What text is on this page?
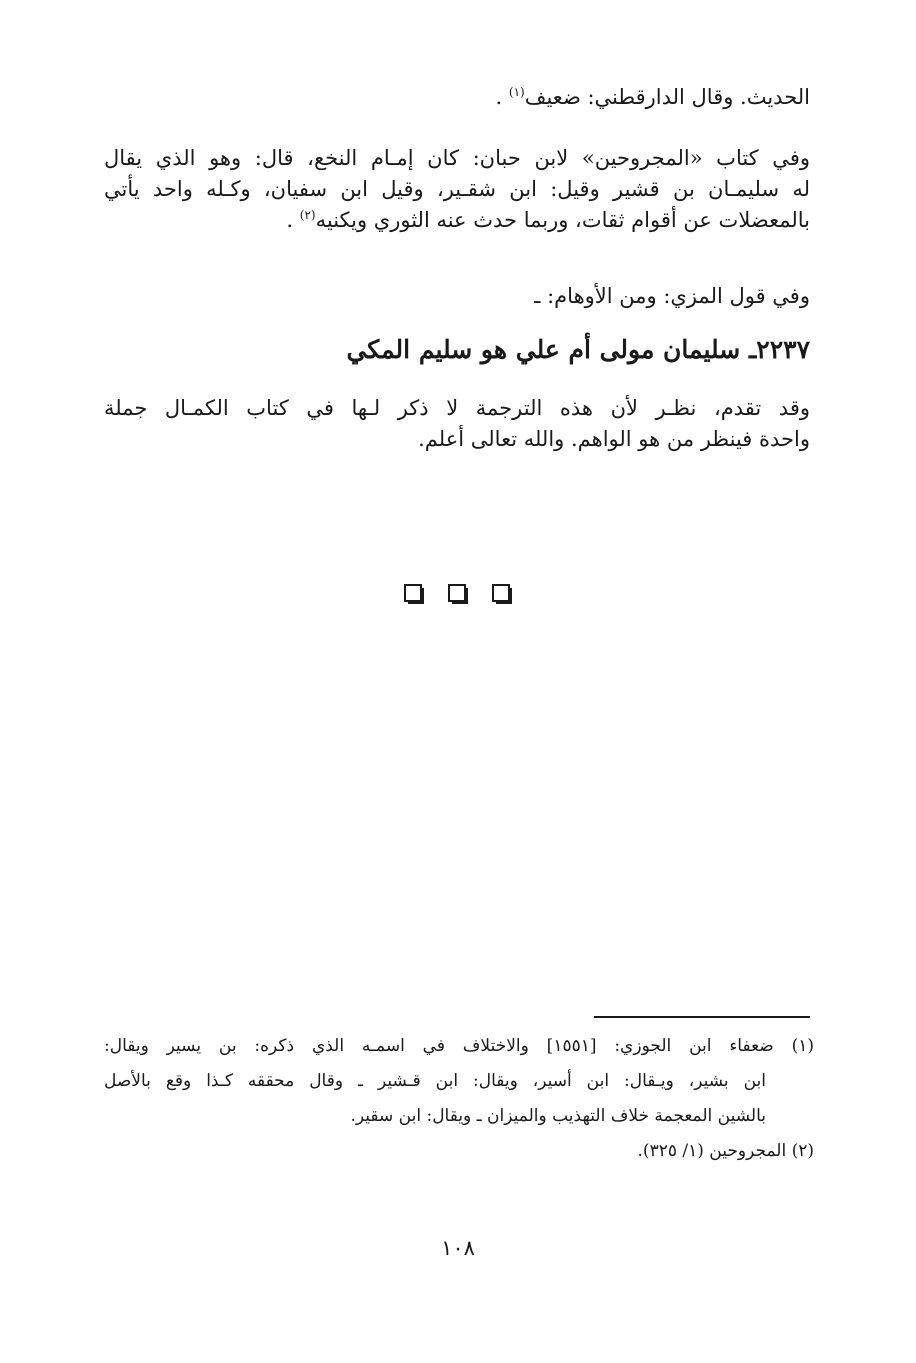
الحديث. وقال الدارقطني: ضعيف$^{(١)}$ .

وفي كتاب «المجروحين» لابن حبان: كان إمـام النخع، قال: وهو الذي يقال
له سليمـان بن قشير وقيل: ابن شقـير، وقيل ابن سفيان، وكـله واحد يأتي
بالمعضلات عن أقوام ثقات، وربما حدث عنه الثوري ويكنيه$^{(٢)}$ .

وفي قول المزي: ومن الأوهام: ـ

٢٢٣٧ـ سليمان مولى أم علي هو سليم المكي

وقد تقدم، نظـر لأن هذه الترجمة لا ذكر لـها في كتاب الكمـال جملة
واحدة فينظر من هو الواهم. والله تعالى أعلم.

(١) ضعفاء ابن الجوزي: [١٥٥١] والاختلاف في اسمـه الذي ذكره: بن يسير ويقال:
ابن بشير، ويـقال: ابن أسير، ويقال: ابن قـشير ـ وقال محققه كـذا وقع بالأصل
بالشين المعجمة خلاف التهذيب والميزان ـ ويقال: ابن سقير.
(٢) المجروحين (١/ ٣٢٥).

١٠٨
